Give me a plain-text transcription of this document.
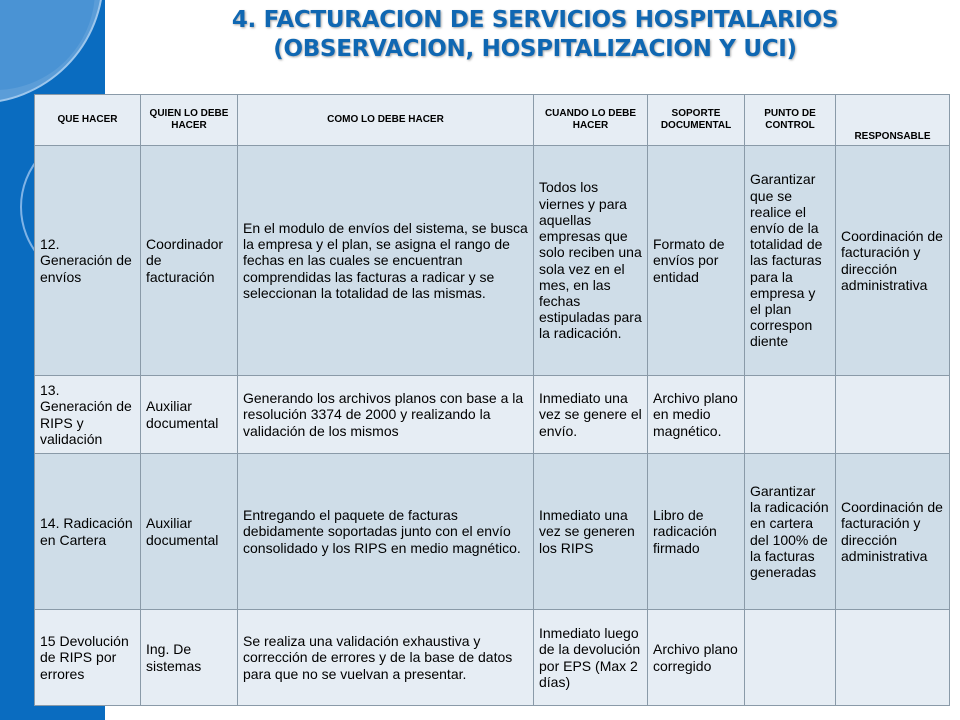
4. FACTURACION DE SERVICIOS HOSPITALARIOS
(OBSERVACION, HOSPITALIZACION Y UCI)
QUE HACER	QUIEN LO DEBE HACER	COMO LO DEBE HACER	CUANDO LO DEBE HACER	SOPORTE DOCUMENTAL	PUNTO DE CONTROL	RESPONSABLE
12. Generación de envíos	Coordinador de facturación	En el modulo de envíos del sistema, se busca la empresa y el plan, se asigna el rango de fechas en las cuales se encuentran comprendidas las facturas a radicar y se seleccionan la totalidad de las mismas.	Todos los viernes y para aquellas empresas que solo reciben una sola vez en el mes, en las fechas estipuladas para la radicación.	Formato de envíos por entidad	Garantizar que se realice el envío de la totalidad de las facturas para la empresa y el plan correspon diente	Coordinación de facturación y dirección administrativa
13. Generación de RIPS y validación	Auxiliar documental	Generando los archivos planos con base a la resolución 3374 de 2000 y realizando la validación de los mismos	Inmediato una vez se genere el envío.	Archivo plano en medio magnético.		
14. Radicación en Cartera	Auxiliar documental	Entregando el paquete de facturas debidamente soportadas junto con el envío consolidado y los RIPS en medio magnético.	Inmediato una vez se generen los RIPS	Libro de radicación firmado	Garantizar la radicación en cartera del 100% de la facturas generadas	Coordinación de facturación y dirección administrativa
15 Devolución de RIPS por errores	Ing. De sistemas	Se realiza una validación exhaustiva y corrección de errores y de la base de datos para que no se vuelvan a presentar.	Inmediato luego de la devolución por EPS (Max 2 días)	Archivo plano corregido		
